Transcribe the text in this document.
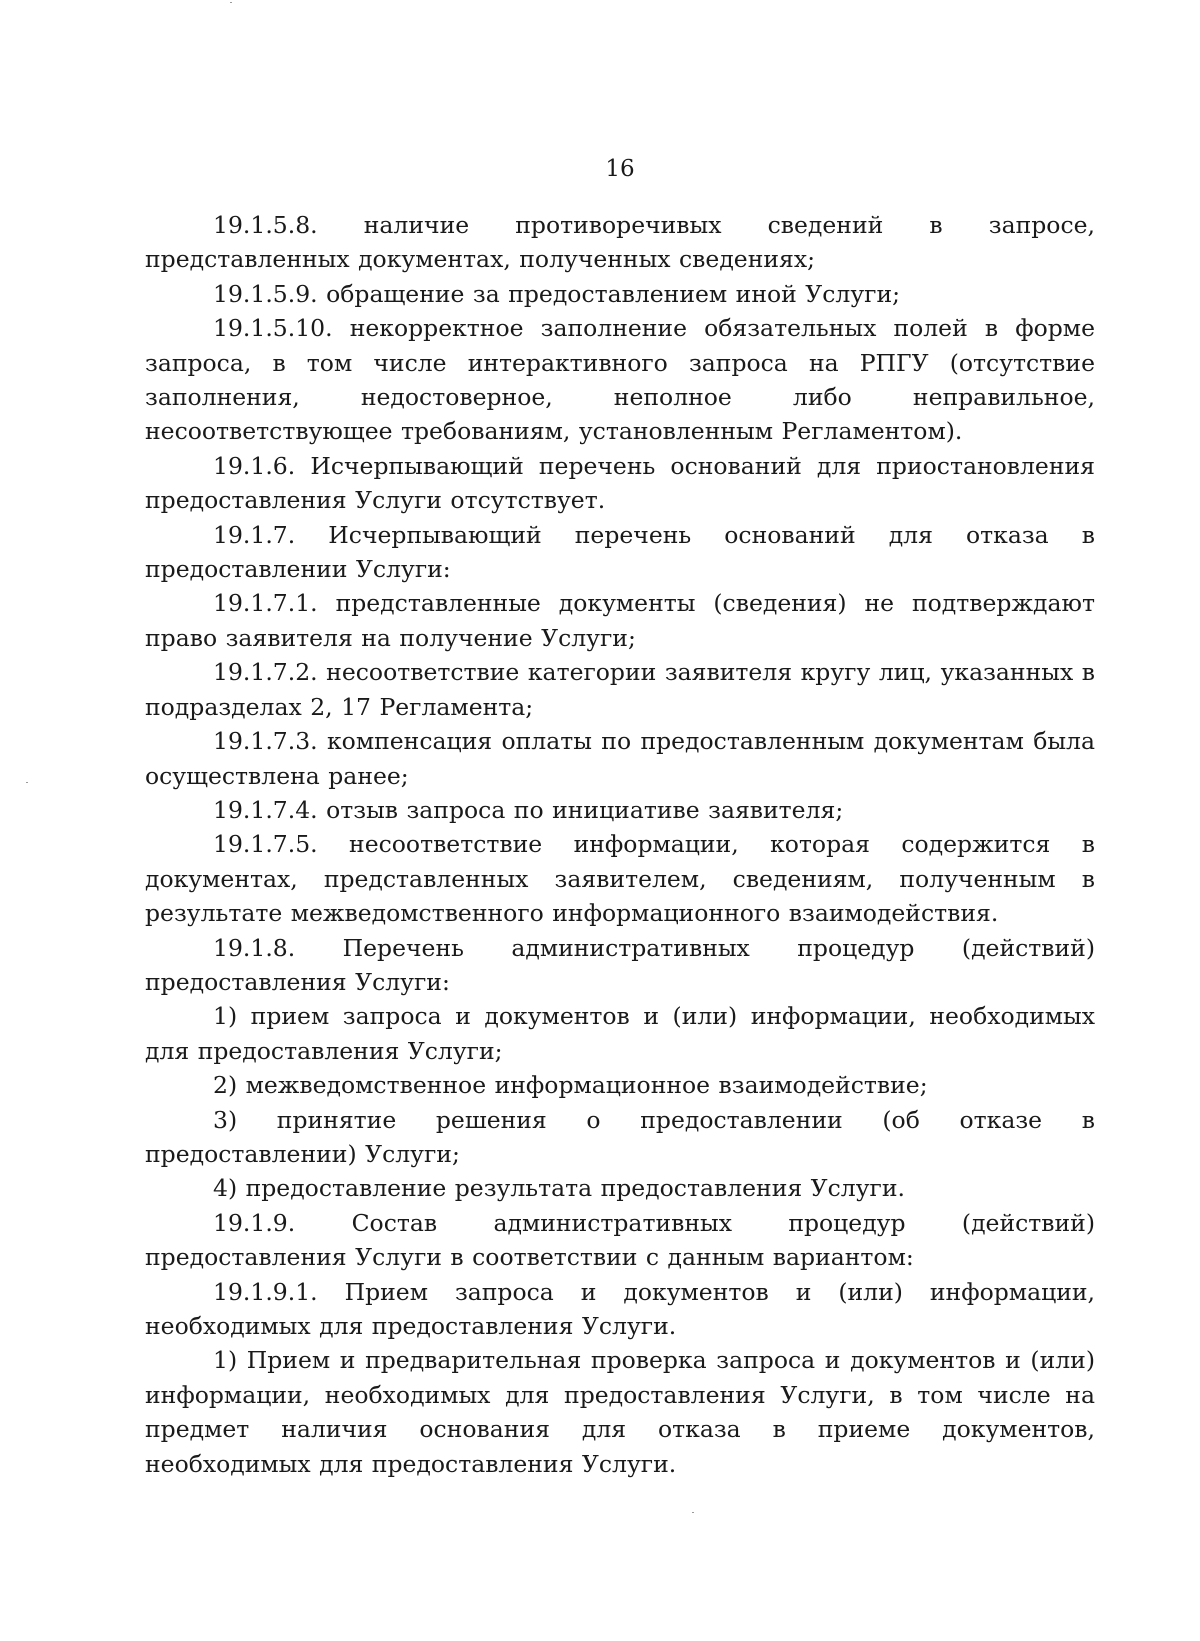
16

19.1.5.8. наличие противоречивых сведений в запросе, представленных документах, полученных сведениях;

19.1.5.9. обращение за предоставлением иной Услуги;

19.1.5.10. некорректное заполнение обязательных полей в форме запроса, в том числе интерактивного запроса на РПГУ (отсутствие заполнения, недостоверное, неполное либо неправильное, несоответствующее требованиям, установленным Регламентом).

19.1.6. Исчерпывающий перечень оснований для приостановления предоставления Услуги отсутствует.

19.1.7. Исчерпывающий перечень оснований для отказа в предоставлении Услуги:

19.1.7.1. представленные документы (сведения) не подтверждают право заявителя на получение Услуги;

19.1.7.2. несоответствие категории заявителя кругу лиц, указанных в подразделах 2, 17 Регламента;

19.1.7.3. компенсация оплаты по предоставленным документам была осуществлена ранее;

19.1.7.4. отзыв запроса по инициативе заявителя;

19.1.7.5. несоответствие информации, которая содержится в документах, представленных заявителем, сведениям, полученным в результате межведомственного информационного взаимодействия.

19.1.8. Перечень административных процедур (действий) предоставления Услуги:

1) прием запроса и документов и (или) информации, необходимых для предоставления Услуги;

2) межведомственное информационное взаимодействие;

3) принятие решения о предоставлении (об отказе в предоставлении) Услуги;

4) предоставление результата предоставления Услуги.

19.1.9. Состав административных процедур (действий) предоставления Услуги в соответствии с данным вариантом:

19.1.9.1. Прием запроса и документов и (или) информации, необходимых для предоставления Услуги.

1) Прием и предварительная проверка запроса и документов и (или) информации, необходимых для предоставления Услуги, в том числе на предмет наличия основания для отказа в приеме документов, необходимых для предоставления Услуги.
